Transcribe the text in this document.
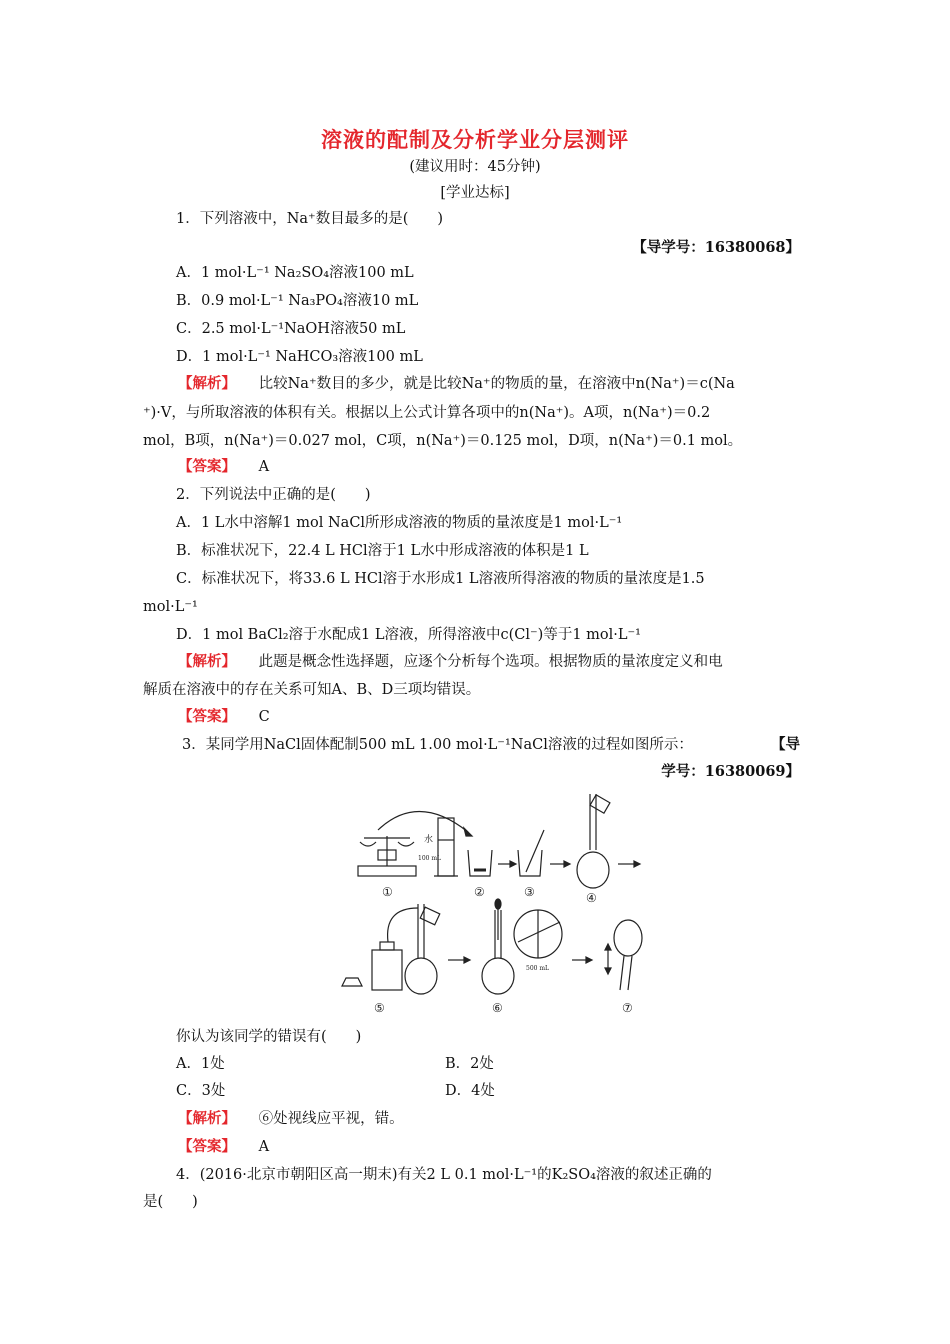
溶液的配制及分析学业分层测评
(建议用时：45分钟)
[学业达标]
1．下列溶液中，Na⁺数目最多的是(　　)
【导学号：16380068】
A．1 mol·L⁻¹ Na₂SO₄溶液100 mL
B．0.9 mol·L⁻¹ Na₃PO₄溶液10 mL
C．2.5 mol·L⁻¹NaOH溶液50 mL
D．1 mol·L⁻¹ NaHCO₃溶液100 mL
【解析】 比较Na⁺数目的多少，就是比较Na⁺的物质的量，在溶液中n(Na⁺)＝c(Na
⁺)·V，与所取溶液的体积有关。根据以上公式计算各项中的n(Na⁺)。A项，n(Na⁺)＝0.2
mol，B项，n(Na⁺)＝0.027 mol，C项，n(Na⁺)＝0.125 mol，D项，n(Na⁺)＝0.1 mol。
【答案】 A
2．下列说法中正确的是(　　)
A．1 L水中溶解1 mol NaCl所形成溶液的物质的量浓度是1 mol·L⁻¹
B．标准状况下，22.4 L HCl溶于1 L水中形成溶液的体积是1 L
C．标准状况下，将33.6 L HCl溶于水形成1 L溶液所得溶液的物质的量浓度是1.5
mol·L⁻¹
D．1 mol BaCl₂溶于水配成1 L溶液，所得溶液中c(Cl⁻)等于1 mol·L⁻¹
【解析】 此题是概念性选择题，应逐个分析每个选项。根据物质的量浓度定义和电
解质在溶液中的存在关系可知A、B、D三项均错误。
【答案】 C
3．某同学用NaCl固体配制500 mL 1.00 mol·L⁻¹NaCl溶液的过程如图所示：	【导
学号：16380069】
水
100 mL
500 mL
①	②	③	④
⑤	⑥	⑦
你认为该同学的错误有(　　)
A．1处	B．2处
C．3处	D．4处
【解析】 ⑥处视线应平视，错。
【答案】 A
4．(2016·北京市朝阳区高一期末)有关2 L 0.1 mol·L⁻¹的K₂SO₄溶液的叙述正确的
是(　　)
